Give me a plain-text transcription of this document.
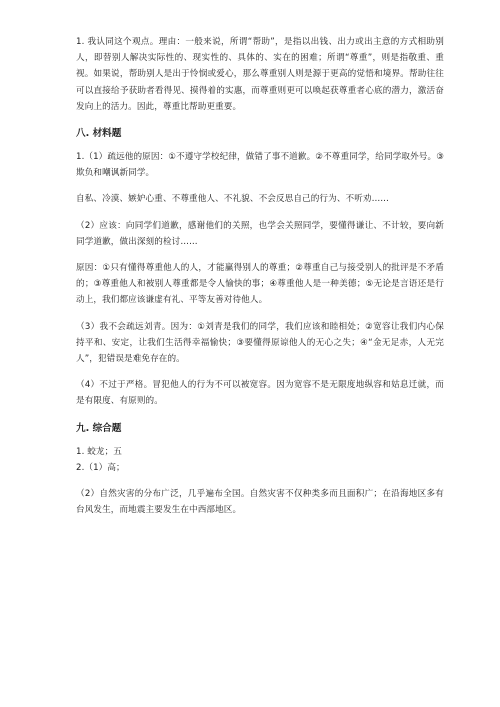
1. 我认同这个观点。理由：一般来说，所谓“帮助”，是指以出钱、出力或出主意的方式相助别人，即替别人解决实际性的、现实性的、具体的、实在的困难；所谓“尊重”，则是指敬重、重视。如果说，帮助别人是出于怜悯或爱心，那么尊重别人则是源于更高的觉悟和境界。帮助往往可以直接给予获助者看得见、摸得着的实惠，而尊重则更可以唤起获尊重者心底的潜力，激活奋发向上的活力。因此，尊重比帮助更重要。

八. 材料题

1.（1）疏远他的原因：①不遵守学校纪律，做错了事不道歉。②不尊重同学，给同学取外号。③欺负和嘲讽新同学。

自私、冷漠、嫉妒心重、不尊重他人、不礼貌、不会反思自己的行为、不听劝……

（2）应该：向同学们道歉，感谢他们的关照，也学会关照同学，要懂得谦让、不计较，要向新同学道歉，做出深刻的检讨……

原因：①只有懂得尊重他人的人，才能赢得别人的尊重；②尊重自己与接受别人的批评是不矛盾的；③尊重他人和被别人尊重都是令人愉快的事；④尊重他人是一种美德；⑤无论是言语还是行动上，我们都应该谦虚有礼、平等友善对待他人。

（3）我不会疏远刘青。因为：①刘青是我们的同学，我们应该和睦相处；②宽容让我们内心保持平和、安定，让我们生活得幸福愉快；③要懂得原谅他人的无心之失；④“金无足赤，人无完人”，犯错误是难免存在的。

（4）不过于严格。冒犯他人的行为不可以被宽容。因为宽容不是无限度地纵容和姑息迁就，而是有限度、有原则的。

九. 综合题

1. 蛟龙；五

2.（1）高；

（2）自然灾害的分布广泛，几乎遍布全国。自然灾害不仅种类多而且面积广；在沿海地区多有台风发生，而地震主要发生在中西部地区。
